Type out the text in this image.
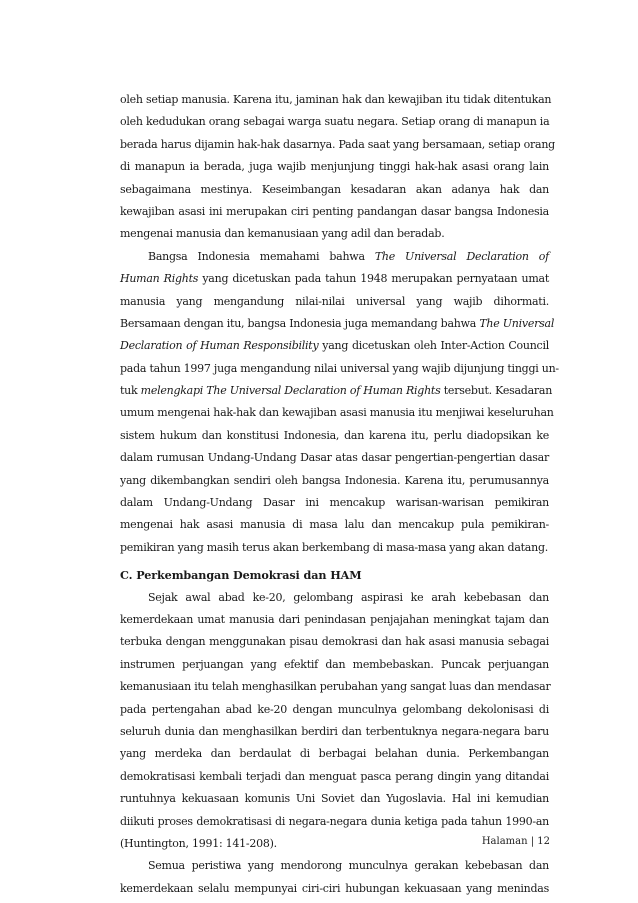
oleh setiap manusia. Karena itu, jaminan hak dan kewajiban itu tidak ditentukan
oleh kedudukan orang sebagai warga suatu negara. Setiap orang di manapun ia
berada harus dijamin hak-hak dasarnya. Pada saat yang bersamaan, setiap orang
di manapun ia berada, juga wajib menjunjung tinggi hak-hak asasi orang lain
sebagaimana mestinya. Keseimbangan kesadaran akan adanya hak dan
kewajiban asasi ini merupakan ciri penting pandangan dasar bangsa Indonesia
mengenai manusia dan kemanusiaan yang adil dan beradab.
Bangsa Indonesia memahami bahwa The Universal Declaration of
Human Rights yang dicetuskan pada tahun 1948 merupakan pernyataan umat
manusia yang mengandung nilai-nilai universal yang wajib dihormati.
Bersamaan dengan itu, bangsa Indonesia juga memandang bahwa The Universal
Declaration of Human Responsibility yang dicetuskan oleh Inter-Action Council
pada tahun 1997 juga mengandung nilai universal yang wajib dijunjung tinggi un-
tuk melengkapi The Universal Declaration of Human Rights tersebut. Kesadaran
umum mengenai hak-hak dan kewajiban asasi manusia itu menjiwai keseluruhan
sistem hukum dan konstitusi Indonesia, dan karena itu, perlu diadopsikan ke
dalam rumusan Undang-Undang Dasar atas dasar pengertian-pengertian dasar
yang dikembangkan sendiri oleh bangsa Indonesia. Karena itu, perumusannya
dalam Undang-Undang Dasar ini mencakup warisan-warisan pemikiran
mengenai hak asasi manusia di masa lalu dan mencakup pula pemikiran-
pemikiran yang masih terus akan berkembang di masa-masa yang akan datang.
C. Perkembangan Demokrasi dan HAM
Sejak awal abad ke-20, gelombang aspirasi ke arah kebebasan dan
kemerdekaan umat manusia dari penindasan penjajahan meningkat tajam dan
terbuka dengan menggunakan pisau demokrasi dan hak asasi manusia sebagai
instrumen perjuangan yang efektif dan membebaskan. Puncak perjuangan
kemanusiaan itu telah menghasilkan perubahan yang sangat luas dan mendasar
pada pertengahan abad ke-20 dengan munculnya gelombang dekolonisasi di
seluruh dunia dan menghasilkan berdiri dan terbentuknya negara-negara baru
yang merdeka dan berdaulat di berbagai belahan dunia. Perkembangan
demokratisasi kembali terjadi dan menguat pasca perang dingin yang ditandai
runtuhnya kekuasaan komunis Uni Soviet dan Yugoslavia. Hal ini kemudian
diikuti proses demokratisasi di negara-negara dunia ketiga pada tahun 1990-an
(Huntington, 1991: 141-208).
Semua peristiwa yang mendorong munculnya gerakan kebebasan dan
kemerdekaan selalu mempunyai ciri-ciri hubungan kekuasaan yang menindas
Halaman | 12
